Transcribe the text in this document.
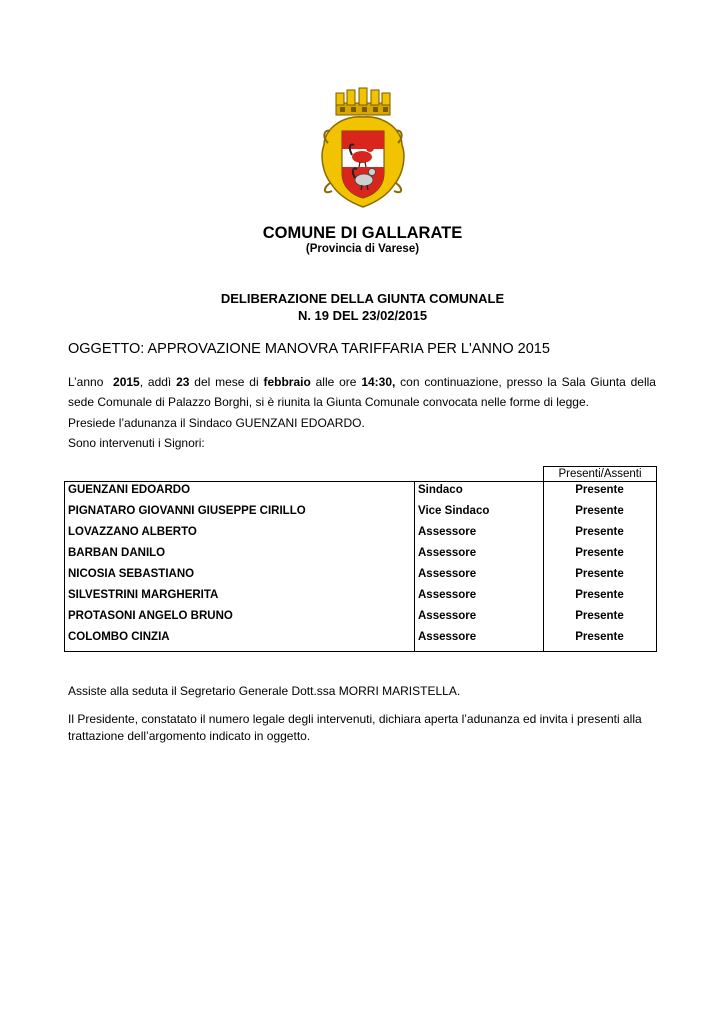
COMUNE DI GALLARATE
(Provincia di Varese)
DELIBERAZIONE DELLA GIUNTA COMUNALE
N. 19 DEL 23/02/2015
OGGETTO: APPROVAZIONE MANOVRA TARIFFARIA PER L'ANNO 2015
L’anno 2015, addì 23 del mese di febbraio alle ore 14:30, con continuazione, presso la Sala Giunta della
sede Comunale di Palazzo Borghi, si è riunita la Giunta Comunale convocata nelle forme di legge.
Presiede l’adunanza il Sindaco GUENZANI EDOARDO.
Sono intervenuti i Signori:
Presenti/Assenti
GUENZANI EDOARDO	Sindaco	Presente
PIGNATARO GIOVANNI GIUSEPPE CIRILLO	Vice Sindaco	Presente
LOVAZZANO ALBERTO	Assessore	Presente
BARBAN DANILO	Assessore	Presente
NICOSIA SEBASTIANO	Assessore	Presente
SILVESTRINI MARGHERITA	Assessore	Presente
PROTASONI ANGELO BRUNO	Assessore	Presente
COLOMBO CINZIA	Assessore	Presente
Assiste alla seduta il Segretario Generale Dott.ssa MORRI MARISTELLA.
Il Presidente, constatato il numero legale degli intervenuti, dichiara aperta l’adunanza ed invita i presenti alla trattazione dell’argomento indicato in oggetto.
